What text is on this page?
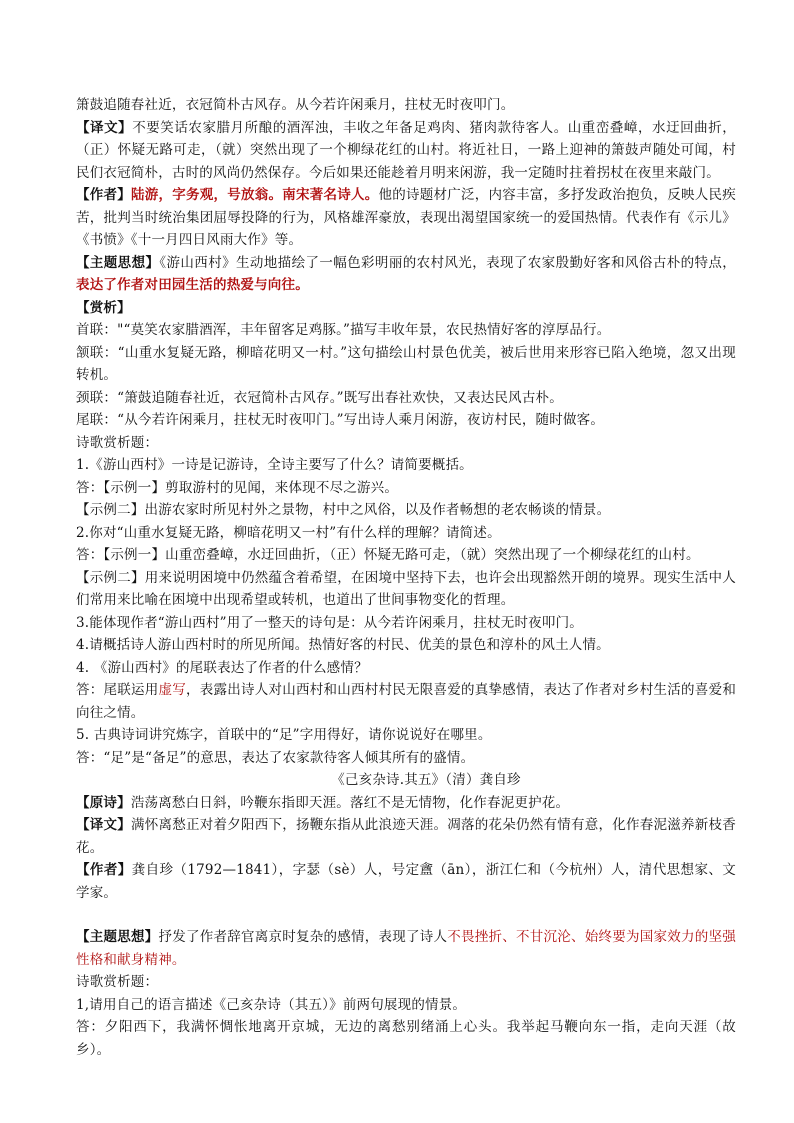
箫鼓追随春社近，衣冠简朴古风存。从今若许闲乘月，拄杖无时夜叩门。

【译文】不要笑话农家腊月所酿的酒浑浊，丰收之年备足鸡肉、猪肉款待客人。山重峦叠嶂，水迂回曲折，（正）怀疑无路可走，（就）突然出现了一个柳绿花红的山村。将近社日，一路上迎神的箫鼓声随处可闻，村民们衣冠简朴，古时的风尚仍然保存。今后如果还能趁着月明来闲游，我一定随时拄着拐杖在夜里来敲门。

【作者】陆游，字务观，号放翁。南宋著名诗人。他的诗题材广泛，内容丰富，多抒发政治抱负，反映人民疾苦，批判当时统治集团屈辱投降的行为，风格雄浑豪放，表现出渴望国家统一的爱国热情。代表作有《示儿》《书愤》《十一月四日风雨大作》等。

【主题思想】《游山西村》生动地描绘了一幅色彩明丽的农村风光，表现了农家殷勤好客和风俗古朴的特点，表达了作者对田园生活的热爱与向往。

【赏析】

首联："“莫笑农家腊酒浑，丰年留客足鸡豚。”描写丰收年景，农民热情好客的淳厚品行。

颔联：“山重水复疑无路，柳暗花明又一村。”这句描绘山村景色优美，被后世用来形容已陷入绝境，忽又出现转机。

颈联：“箫鼓追随春社近，衣冠简朴古风存。”既写出春社欢快，又表达民风古朴。

尾联：“从今若许闲乘月，拄杖无时夜叩门。”写出诗人乘月闲游，夜访村民，随时做客。

诗歌赏析题：

1.《游山西村》一诗是记游诗，全诗主要写了什么？请简要概括。

答：【示例一】剪取游村的见闻，来体现不尽之游兴。

【示例二】出游农家时所见村外之景物，村中之风俗，以及作者畅想的老农畅谈的情景。

2.你对“山重水复疑无路，柳暗花明又一村”有什么样的理解？请简述。

答：【示例一】山重峦叠嶂，水迂回曲折，（正）怀疑无路可走，（就）突然出现了一个柳绿花红的山村。

【示例二】用来说明困境中仍然蕴含着希望，在困境中坚持下去，也许会出现豁然开朗的境界。现实生活中人们常用来比喻在困境中出现希望或转机，也道出了世间事物变化的哲理。

3.能体现作者“游山西村”用了一整天的诗句是：从今若许闲乘月，拄杖无时夜叩门。

4.请概括诗人游山西村时的所见所闻。热情好客的村民、优美的景色和淳朴的风土人情。

4. 《游山西村》的尾联表达了作者的什么感情？

答：尾联运用虚写，表露出诗人对山西村和山西村村民无限喜爱的真挚感情，表达了作者对乡村生活的喜爱和向往之情。

5. 古典诗词讲究炼字，首联中的“足”字用得好，请你说说好在哪里。

答：“足”是“备足”的意思，表达了农家款待客人倾其所有的盛情。

《己亥杂诗.其五》（清）龚自珍

【原诗】浩荡离愁白日斜，吟鞭东指即天涯。落红不是无情物，化作春泥更护花。

【译文】满怀离愁正对着夕阳西下，扬鞭东指从此浪迹天涯。凋落的花朵仍然有情有意，化作春泥滋养新枝香花。

【作者】龚自珍（1792—1841），字瑟（sè）人，号定盦（ān），浙江仁和（今杭州）人，清代思想家、文学家。

【主题思想】抒发了作者辞官离京时复杂的感情，表现了诗人不畏挫折、不甘沉沦、始终要为国家效力的坚强性格和献身精神。

诗歌赏析题：

1,请用自己的语言描述《己亥杂诗（其五）》前两句展现的情景。

答：夕阳西下，我满怀惆怅地离开京城，无边的离愁别绪涌上心头。我举起马鞭向东一指，走向天涯（故乡）。
